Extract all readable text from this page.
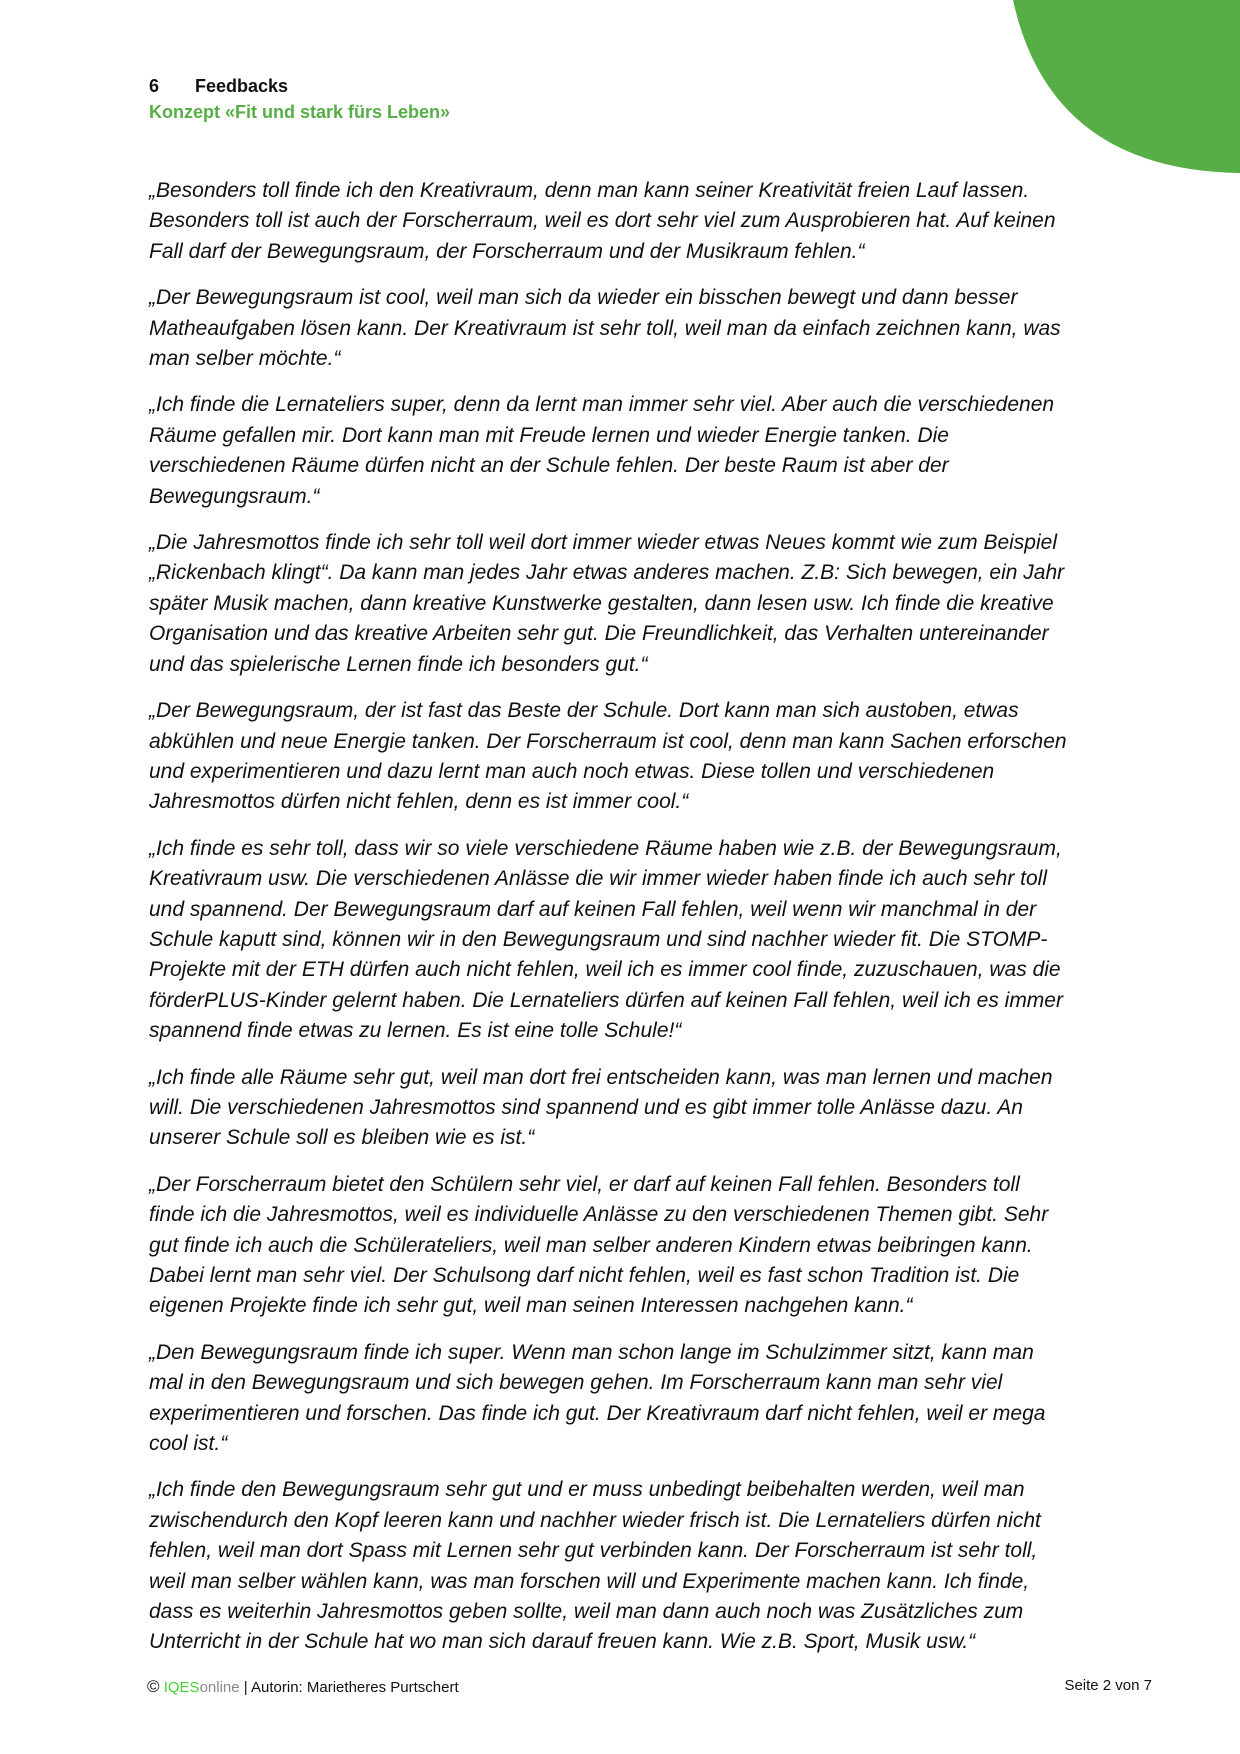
6 Feedbacks
Konzept «Fit und stark fürs Leben»
„Besonders toll finde ich den Kreativraum, denn man kann seiner Kreativität freien Lauf lassen.
Besonders toll ist auch der Forscherraum, weil es dort sehr viel zum Ausprobieren hat. Auf keinen
Fall darf der Bewegungsraum, der Forscherraum und der Musikraum fehlen.“
„Der Bewegungsraum ist cool, weil man sich da wieder ein bisschen bewegt und dann besser
Matheaufgaben lösen kann. Der Kreativraum ist sehr toll, weil man da einfach zeichnen kann, was
man selber möchte.“
„Ich finde die Lernateliers super, denn da lernt man immer sehr viel. Aber auch die verschiedenen
Räume gefallen mir. Dort kann man mit Freude lernen und wieder Energie tanken. Die
verschiedenen Räume dürfen nicht an der Schule fehlen. Der beste Raum ist aber der
Bewegungsraum.“
„Die Jahresmottos finde ich sehr toll weil dort immer wieder etwas Neues kommt wie zum Beispiel
„Rickenbach klingt“. Da kann man jedes Jahr etwas anderes machen. Z.B: Sich bewegen, ein Jahr
später Musik machen, dann kreative Kunstwerke gestalten, dann lesen usw. Ich finde die kreative
Organisation und das kreative Arbeiten sehr gut. Die Freundlichkeit, das Verhalten untereinander
und das spielerische Lernen finde ich besonders gut.“
„Der Bewegungsraum, der ist fast das Beste der Schule. Dort kann man sich austoben, etwas
abkühlen und neue Energie tanken. Der Forscherraum ist cool, denn man kann Sachen erforschen
und experimentieren und dazu lernt man auch noch etwas. Diese tollen und verschiedenen
Jahresmottos dürfen nicht fehlen, denn es ist immer cool.“
„Ich finde es sehr toll, dass wir so viele verschiedene Räume haben wie z.B. der Bewegungsraum,
Kreativraum usw. Die verschiedenen Anlässe die wir immer wieder haben finde ich auch sehr toll
und spannend. Der Bewegungsraum darf auf keinen Fall fehlen, weil wenn wir manchmal in der
Schule kaputt sind, können wir in den Bewegungsraum und sind nachher wieder fit. Die STOMP-
Projekte mit der ETH dürfen auch nicht fehlen, weil ich es immer cool finde, zuzuschauen, was die
förderPLUS-Kinder gelernt haben. Die Lernateliers dürfen auf keinen Fall fehlen, weil ich es immer
spannend finde etwas zu lernen. Es ist eine tolle Schule!“
„Ich finde alle Räume sehr gut, weil man dort frei entscheiden kann, was man lernen und machen
will. Die verschiedenen Jahresmottos sind spannend und es gibt immer tolle Anlässe dazu. An
unserer Schule soll es bleiben wie es ist.“
„Der Forscherraum bietet den Schülern sehr viel, er darf auf keinen Fall fehlen. Besonders toll
finde ich die Jahresmottos, weil es individuelle Anlässe zu den verschiedenen Themen gibt. Sehr
gut finde ich auch die Schülerateliers, weil man selber anderen Kindern etwas beibringen kann.
Dabei lernt man sehr viel. Der Schulsong darf nicht fehlen, weil es fast schon Tradition ist. Die
eigenen Projekte finde ich sehr gut, weil man seinen Interessen nachgehen kann.“
„Den Bewegungsraum finde ich super. Wenn man schon lange im Schulzimmer sitzt, kann man
mal in den Bewegungsraum und sich bewegen gehen. Im Forscherraum kann man sehr viel
experimentieren und forschen. Das finde ich gut. Der Kreativraum darf nicht fehlen, weil er mega
cool ist.“
„Ich finde den Bewegungsraum sehr gut und er muss unbedingt beibehalten werden, weil man
zwischendurch den Kopf leeren kann und nachher wieder frisch ist. Die Lernateliers dürfen nicht
fehlen, weil man dort Spass mit Lernen sehr gut verbinden kann. Der Forscherraum ist sehr toll,
weil man selber wählen kann, was man forschen will und Experimente machen kann. Ich finde,
dass es weiterhin Jahresmottos geben sollte, weil man dann auch noch was Zusätzliches zum
Unterricht in der Schule hat wo man sich darauf freuen kann. Wie z.B. Sport, Musik usw.“
© IQESonline | Autorin: Marietheres Purtschert	Seite 2 von 7
